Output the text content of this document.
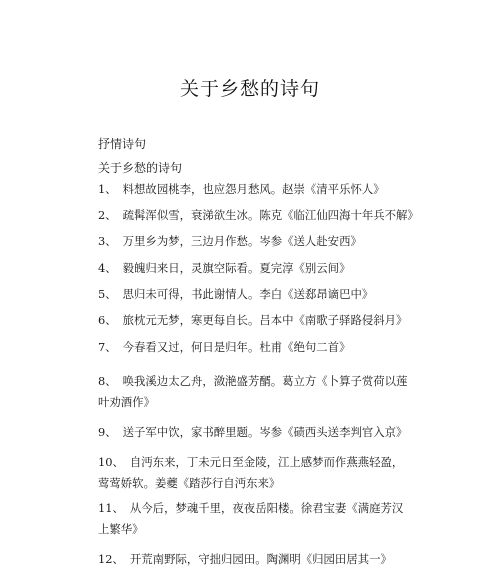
关于乡愁的诗句
抒情诗句
关于乡愁的诗句
1、 料想故园桃李，也应怨月愁风。赵崇《清平乐怀人》
2、 疏髯浑似雪，衰涕欲生冰。陈克《临江仙四海十年兵不解》
3、 万里乡为梦，三边月作愁。岑参《送人赴安西》
4、 毅魄归来日，灵旗空际看。夏完淳《别云间》
5、 思归未可得，书此谢情人。李白《送郄昂谪巴中》
6、 旅枕元无梦，寒更每自长。吕本中《南歌子驿路侵斜月》
7、 今春看又过，何日是归年。杜甫《绝句二首》
8、 唤我溪边太乙舟，潋滟盛芳醑。葛立方《卜算子赏荷以莲叶劝酒作》
9、 送子军中饮，家书醉里题。岑参《碛西头送李判官入京》
10、 自沔东来，丁未元日至金陵，江上感梦而作燕燕轻盈，莺莺娇软。姜夔《踏莎行自沔东来》
11、 从今后，梦魂千里，夜夜岳阳楼。徐君宝妻《满庭芳汉上繁华》
12、 开荒南野际，守拙归园田。陶渊明《归园田居其一》
